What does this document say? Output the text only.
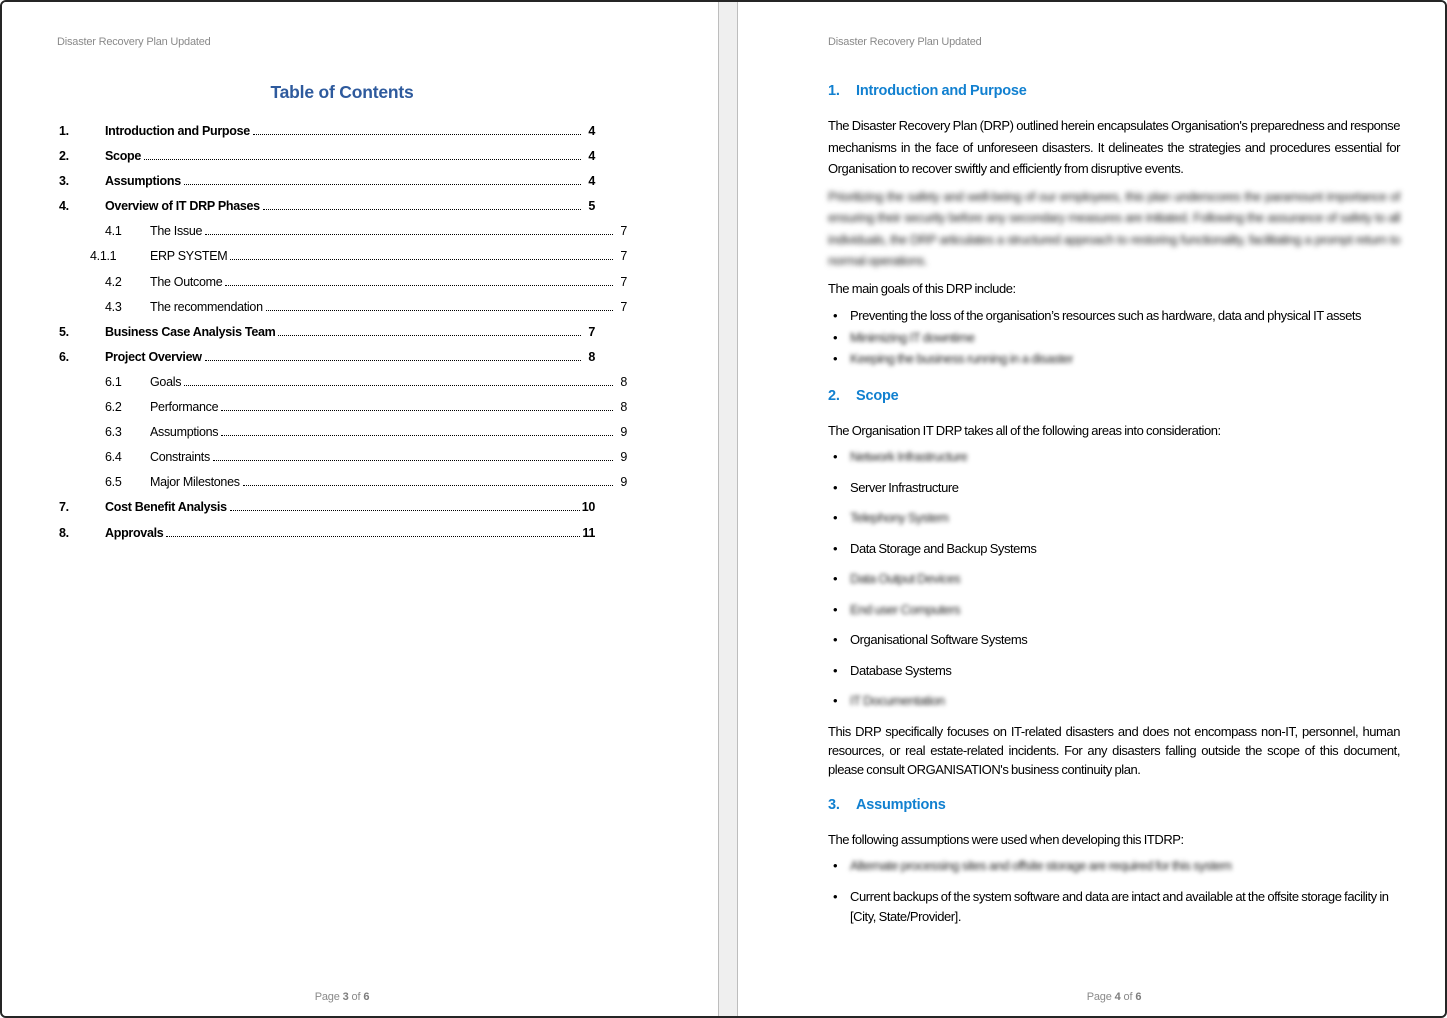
Disaster Recovery Plan Updated
Table of Contents
1.	Introduction and Purpose	4
2.	Scope	4
3.	Assumptions	4
4.	Overview of IT DRP Phases	5
4.1	The Issue	7
4.1.1	ERP SYSTEM	7
4.2	The Outcome	7
4.3	The recommendation	7
5.	Business Case Analysis Team	7
6.	Project Overview	8
6.1	Goals	8
6.2	Performance	8
6.3	Assumptions	9
6.4	Constraints	9
6.5	Major Milestones	9
7.	Cost Benefit Analysis	10
8.	Approvals	11
Page 3 of 6
Disaster Recovery Plan Updated
1.	Introduction and Purpose

The Disaster Recovery Plan (DRP) outlined herein encapsulates Organisation's preparedness and response mechanisms in the face of unforeseen disasters. It delineates the strategies and procedures essential for Organisation to recover swiftly and efficiently from disruptive events.

Prioritizing the safety and well-being of our employees, this plan underscores the paramount importance of ensuring their security before any secondary measures are initiated. Following the assurance of safety to all individuals, the DRP articulates a structured approach to restoring functionality, facilitating a prompt return to normal operations.

The main goals of this DRP include:

• Preventing the loss of the organisation’s resources such as hardware, data and physical IT assets
• Minimizing IT downtime
• Keeping the business running in a disaster
2.	Scope

The Organisation IT DRP takes all of the following areas into consideration:

• Network Infrastructure
• Server Infrastructure
• Telephony System
• Data Storage and Backup Systems
• Data Output Devices
• End user Computers
• Organisational Software Systems
• Database Systems
• IT Documentation

This DRP specifically focuses on IT-related disasters and does not encompass non-IT, personnel, human resources, or real estate-related incidents. For any disasters falling outside the scope of this document, please consult ORGANISATION's business continuity plan.

3.	Assumptions

The following assumptions were used when developing this ITDRP:

• Alternate processing sites and offsite storage are required for this system
• Current backups of the system software and data are intact and available at the offsite storage facility in [City, State/Provider].
Page 4 of 6
